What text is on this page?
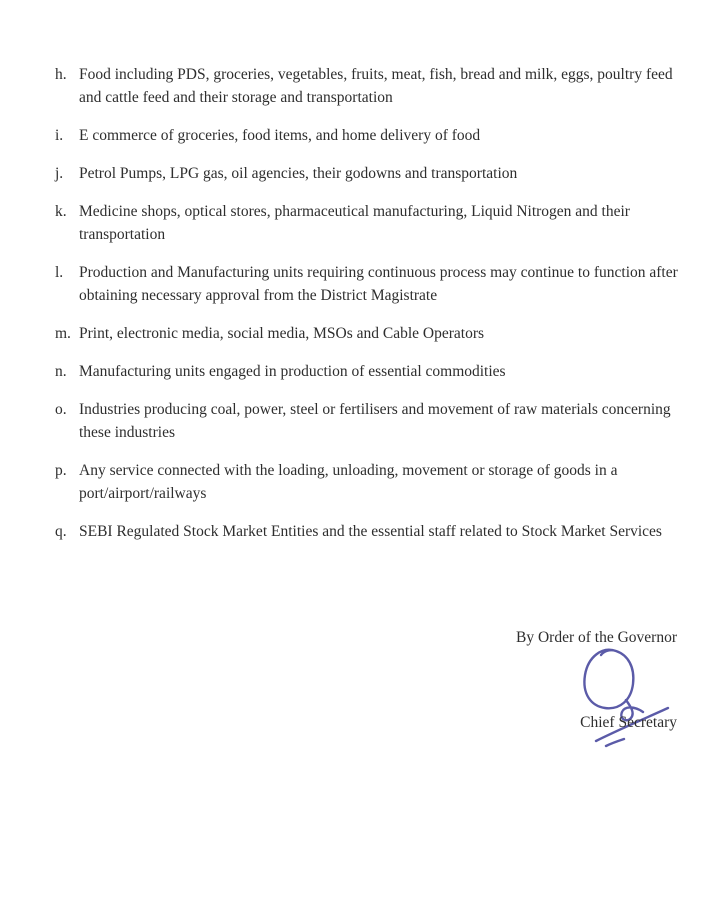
h. Food including PDS, groceries, vegetables, fruits, meat, fish, bread and milk, eggs, poultry feed and cattle feed and their storage and transportation
i.	E commerce of groceries, food items, and home delivery of food
j.	Petrol Pumps, LPG gas, oil agencies, their godowns and transportation
k. Medicine shops, optical stores, pharmaceutical manufacturing, Liquid Nitrogen and their transportation
l.	Production and Manufacturing units requiring continuous process may continue to function after obtaining necessary approval from the District Magistrate
m. Print, electronic media, social media, MSOs and Cable Operators
n. Manufacturing units engaged in production of essential commodities
o. Industries producing coal, power, steel or fertilisers and movement of raw materials concerning these industries
p. Any service connected with the loading, unloading, movement or storage of goods in a port/airport/railways
q. SEBI Regulated Stock Market Entities and the essential staff related to Stock Market Services
By Order of the Governor
Chief Secretary
